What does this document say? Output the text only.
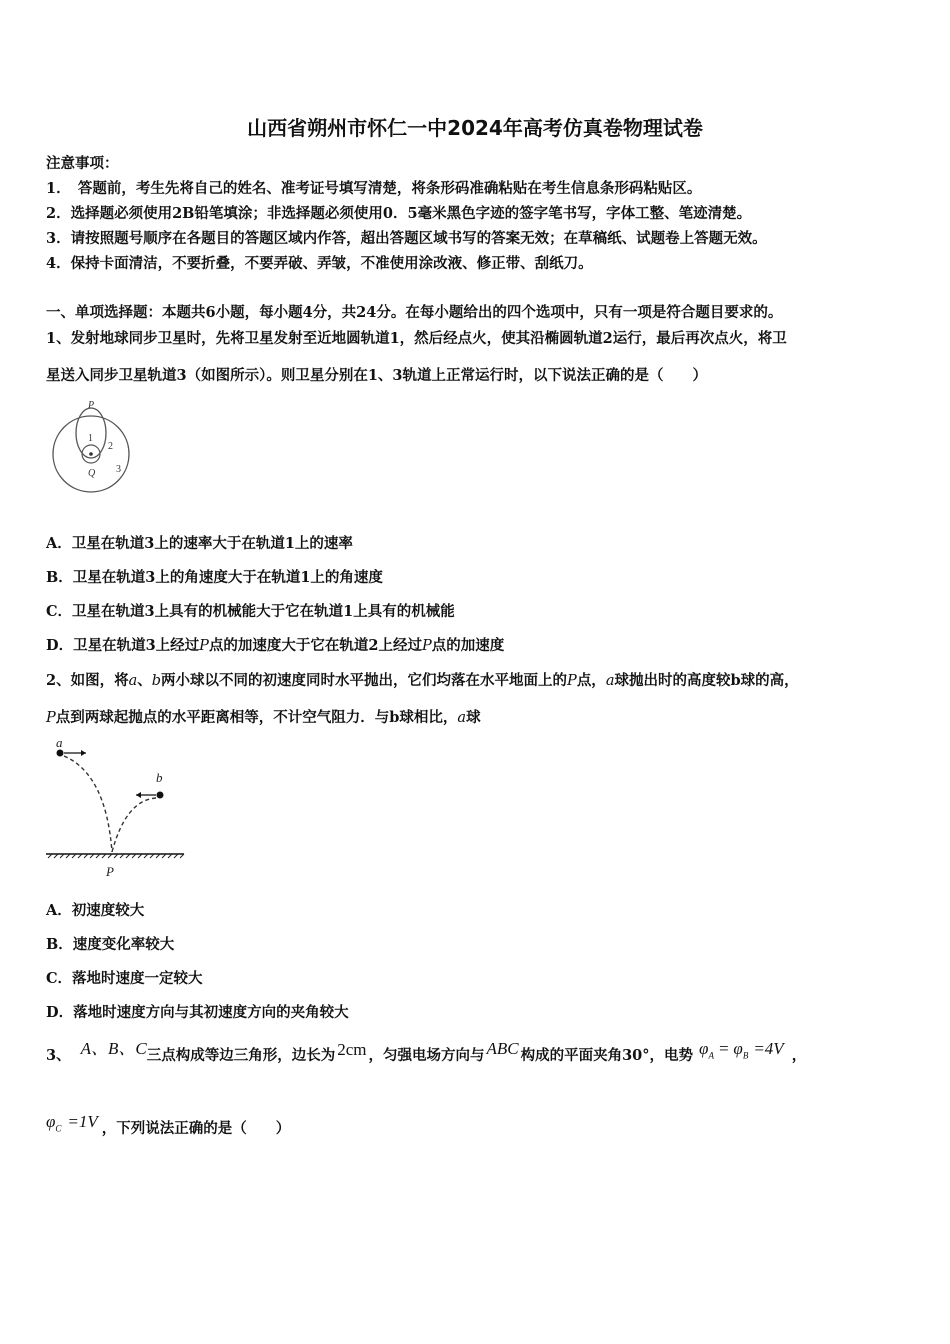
山西省朔州市怀仁一中2024年高考仿真卷物理试卷
注意事项：
1．　答题前，考生先将自己的姓名、准考证号填写清楚，将条形码准确粘贴在考生信息条形码粘贴区。
2．选择题必须使用2B铅笔填涂；非选择题必须使用0．5毫米黑色字迹的签字笔书写，字体工整、笔迹清楚。
3．请按照题号顺序在各题目的答题区域内作答，超出答题区域书写的答案无效；在草稿纸、试题卷上答题无效。
4．保持卡面清洁，不要折叠，不要弄破、弄皱，不准使用涂改液、修正带、刮纸刀。
一、单项选择题：本题共6小题，每小题4分，共24分。在每小题给出的四个选项中，只有一项是符合题目要求的。
1、发射地球同步卫星时，先将卫星发射至近地圆轨道1，然后经点火，使其沿椭圆轨道2运行，最后再次点火，将卫
星送入同步卫星轨道3（如图所示）。则卫星分别在1、3轨道上正常运行时，以下说法正确的是（　　）
P
Q
1
2
3
A．卫星在轨道3上的速率大于在轨道1上的速率
B．卫星在轨道3上的角速度大于在轨道1上的角速度
C．卫星在轨道3上具有的机械能大于它在轨道1上具有的机械能
D．卫星在轨道3上经过P点的加速度大于它在轨道2上经过P点的加速度
2、如图，将a、b两小球以不同的初速度同时水平抛出，它们均落在水平地面上的P点，a球抛出时的高度较b球的高，
P点到两球起抛点的水平距离相等，不计空气阻力．与b球相比，a球
a
b
P
A．初速度较大
B．速度变化率较大
C．落地时速度一定较大
D．落地时速度方向与其初速度方向的夹角较大
3、 A、B、C三点构成等边三角形，边长为 2cm ，匀强电场方向与 ABC 构成的平面夹角30°，电势 $\varphi_A = \varphi_B =4V$ ，
$\varphi_C =1V$ ，下列说法正确的是（　　）
